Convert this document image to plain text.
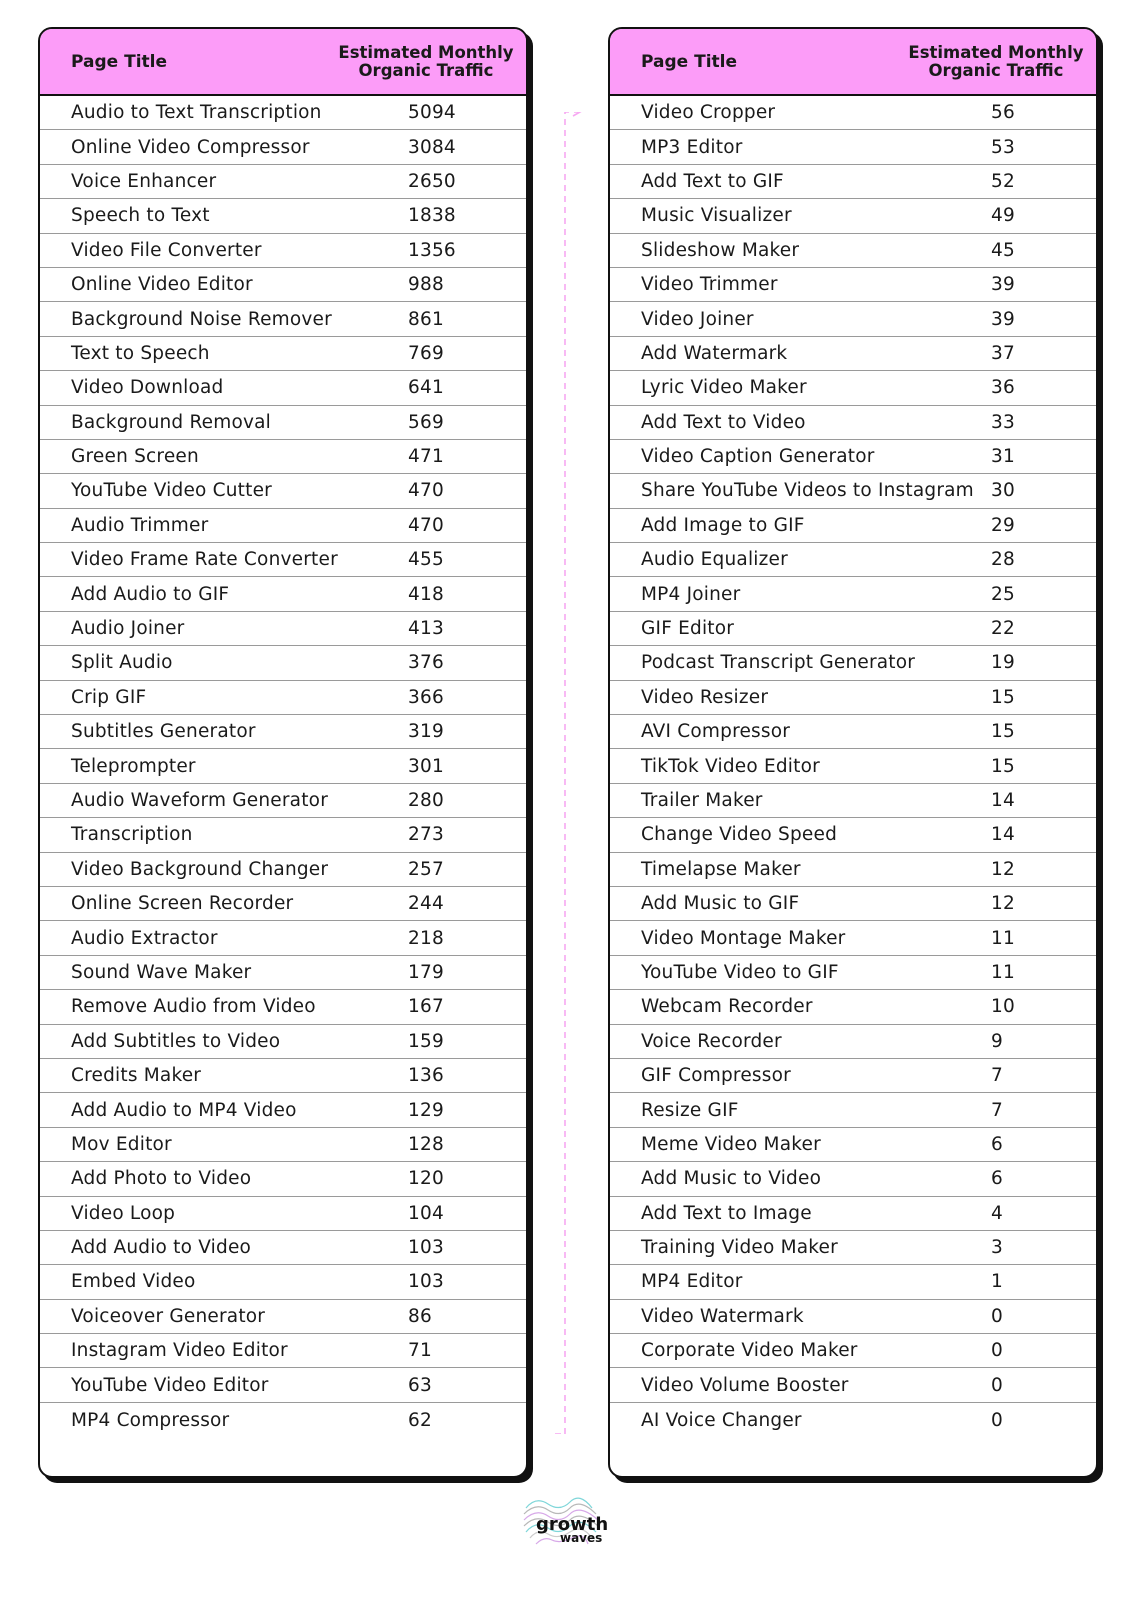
Page Title	Estimated Monthly Organic Traffic
Audio to Text Transcription	5094
Online Video Compressor	3084
Voice Enhancer	2650
Speech to Text	1838
Video File Converter	1356
Online Video Editor	988
Background Noise Remover	861
Text to Speech	769
Video Download	641
Background Removal	569
Green Screen	471
YouTube Video Cutter	470
Audio Trimmer	470
Video Frame Rate Converter	455
Add Audio to GIF	418
Audio Joiner	413
Split Audio	376
Crip GIF	366
Subtitles Generator	319
Teleprompter	301
Audio Waveform Generator	280
Transcription	273
Video Background Changer	257
Online Screen Recorder	244
Audio Extractor	218
Sound Wave Maker	179
Remove Audio from Video	167
Add Subtitles to Video	159
Credits Maker	136
Add Audio to MP4 Video	129
Mov Editor	128
Add Photo to Video	120
Video Loop	104
Add Audio to Video	103
Embed Video	103
Voiceover Generator	86
Instagram Video Editor	71
YouTube Video Editor	63
MP4 Compressor	62
Page Title	Estimated Monthly Organic Traffic
Video Cropper	56
MP3 Editor	53
Add Text to GIF	52
Music Visualizer	49
Slideshow Maker	45
Video Trimmer	39
Video Joiner	39
Add Watermark	37
Lyric Video Maker	36
Add Text to Video	33
Video Caption Generator	31
Share YouTube Videos to Instagram 30
Add Image to GIF	29
Audio Equalizer	28
MP4 Joiner	25
GIF Editor	22
Podcast Transcript Generator	19
Video Resizer	15
AVI Compressor	15
TikTok Video Editor	15
Trailer Maker	14
Change Video Speed	14
Timelapse Maker	12
Add Music to GIF	12
Video Montage Maker	11
YouTube Video to GIF	11
Webcam Recorder	10
Voice Recorder	9
GIF Compressor	7
Resize GIF	7
Meme Video Maker	6
Add Music to Video	6
Add Text to Image	4
Training Video Maker	3
MP4 Editor	1
Video Watermark	0
Corporate Video Maker	0
Video Volume Booster	0
AI Voice Changer	0
growth
waves
